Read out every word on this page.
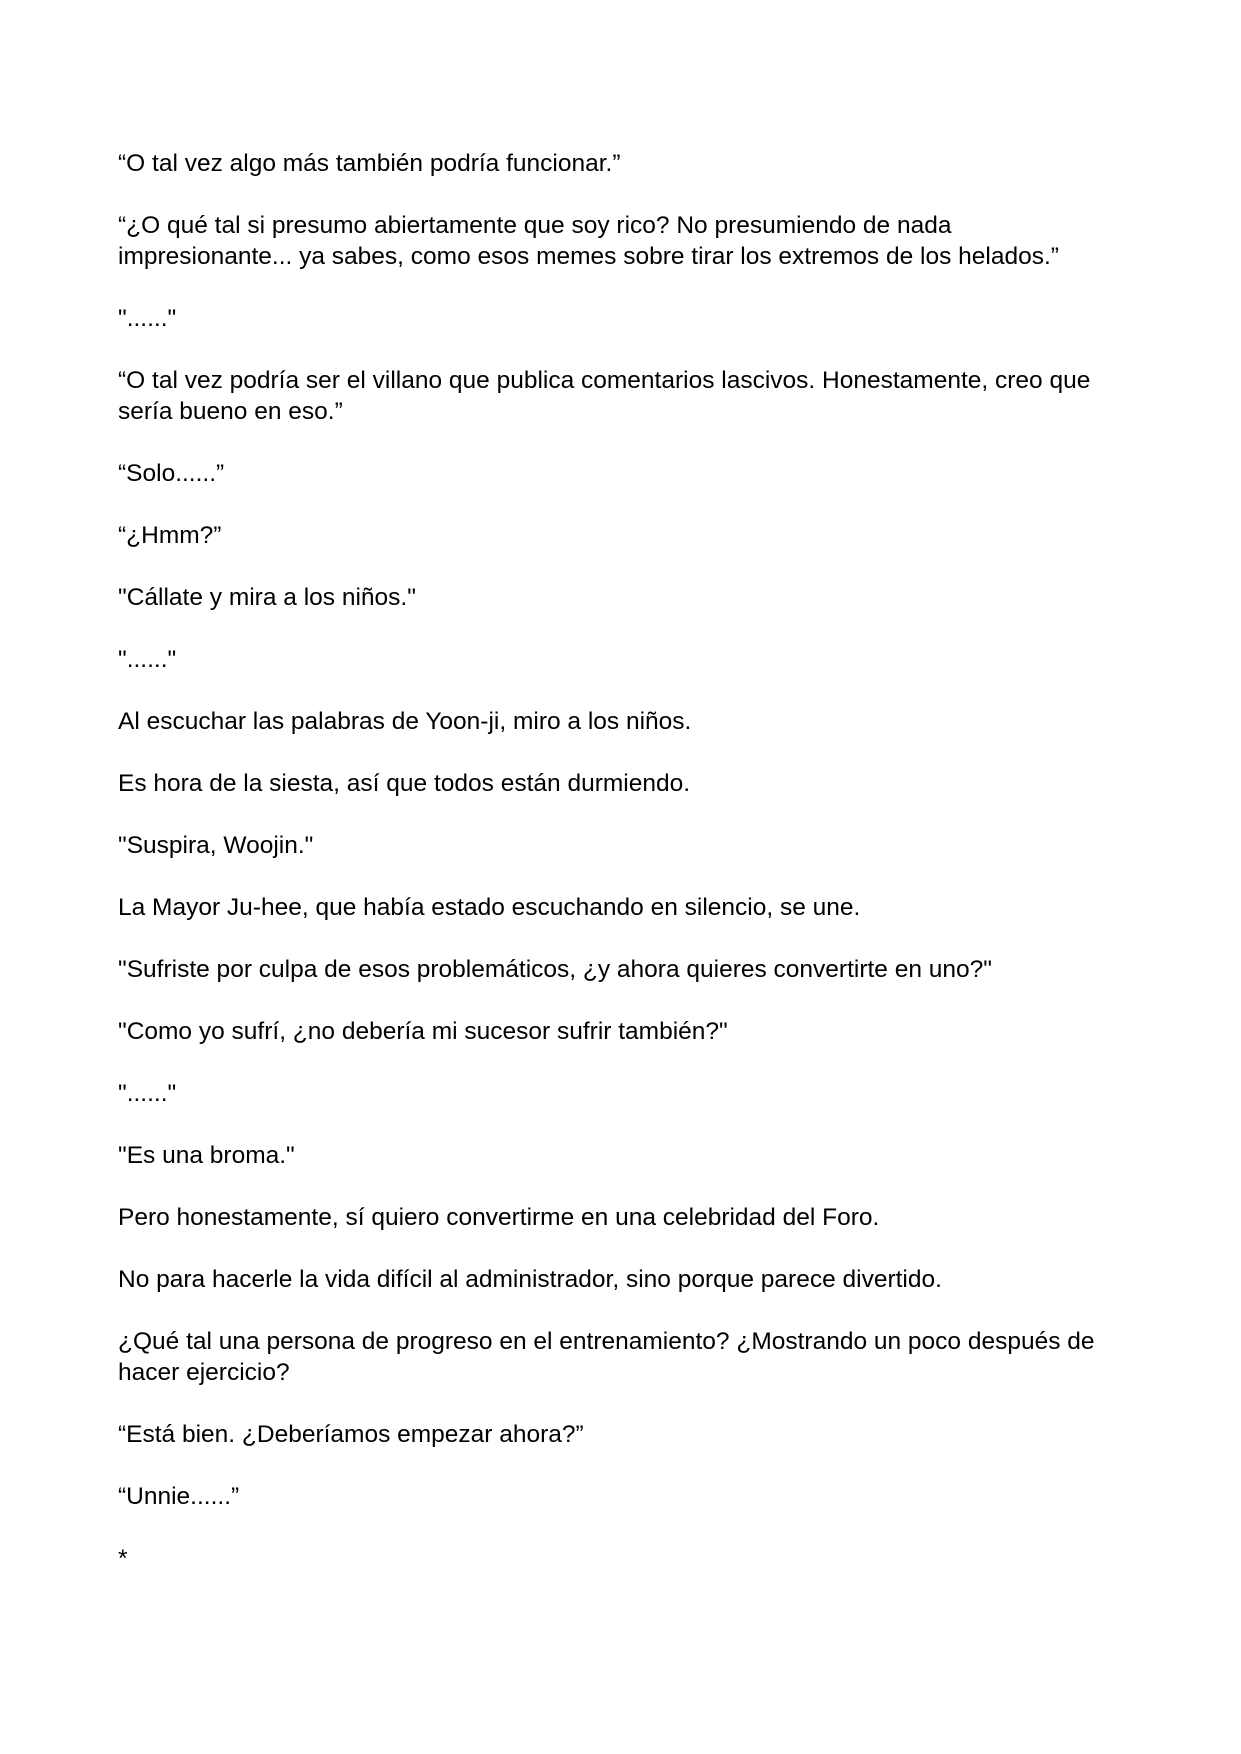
“O tal vez algo más también podría funcionar.”

“¿O qué tal si presumo abiertamente que soy rico? No presumiendo de nada impresionante... ya sabes, como esos memes sobre tirar los extremos de los helados.”

"......"

“O tal vez podría ser el villano que publica comentarios lascivos. Honestamente, creo que sería bueno en eso.”

“Solo......”

“¿Hmm?”

"Cállate y mira a los niños."

"......"

Al escuchar las palabras de Yoon-ji, miro a los niños.

Es hora de la siesta, así que todos están durmiendo.

"Suspira, Woojin."

La Mayor Ju-hee, que había estado escuchando en silencio, se une.

"Sufriste por culpa de esos problemáticos, ¿y ahora quieres convertirte en uno?"

"Como yo sufrí, ¿no debería mi sucesor sufrir también?"

"......"

"Es una broma."

Pero honestamente, sí quiero convertirme en una celebridad del Foro.

No para hacerle la vida difícil al administrador, sino porque parece divertido.

¿Qué tal una persona de progreso en el entrenamiento? ¿Mostrando un poco después de hacer ejercicio?

“Está bien. ¿Deberíamos empezar ahora?”

“Unnie......”

*
